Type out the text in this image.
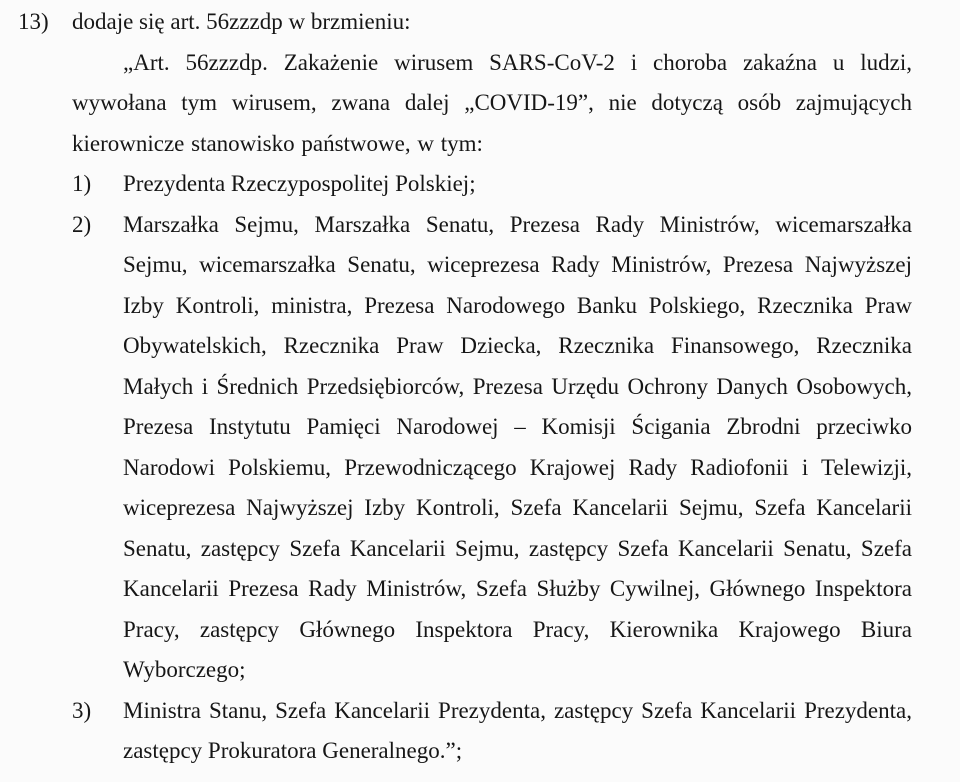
13) dodaje się art. 56zzzdp w brzmieniu:
„Art. 56zzzdp. Zakażenie wirusem SARS-CoV-2 i choroba zakaźna u ludzi, wywołana tym wirusem, zwana dalej „COVID-19”, nie dotyczą osób zajmujących kierownicze stanowisko państwowe, w tym:
1) Prezydenta Rzeczypospolitej Polskiej;
2) Marszałka Sejmu, Marszałka Senatu, Prezesa Rady Ministrów, wicemarszałka Sejmu, wicemarszałka Senatu, wiceprezesa Rady Ministrów, Prezesa Najwyższej Izby Kontroli, ministra, Prezesa Narodowego Banku Polskiego, Rzecznika Praw Obywatelskich, Rzecznika Praw Dziecka, Rzecznika Finansowego, Rzecznika Małych i Średnich Przedsiębiorców, Prezesa Urzędu Ochrony Danych Osobowych, Prezesa Instytutu Pamięci Narodowej – Komisji Ścigania Zbrodni przeciwko Narodowi Polskiemu, Przewodniczącego Krajowej Rady Radiofonii i Telewizji, wiceprezesa Najwyższej Izby Kontroli, Szefa Kancelarii Sejmu, Szefa Kancelarii Senatu, zastępcy Szefa Kancelarii Sejmu, zastępcy Szefa Kancelarii Senatu, Szefa Kancelarii Prezesa Rady Ministrów, Szefa Służby Cywilnej, Głównego Inspektora Pracy, zastępcy Głównego Inspektora Pracy, Kierownika Krajowego Biura Wyborczego;
3) Ministra Stanu, Szefa Kancelarii Prezydenta, zastępcy Szefa Kancelarii Prezydenta, zastępcy Prokuratora Generalnego.”;
